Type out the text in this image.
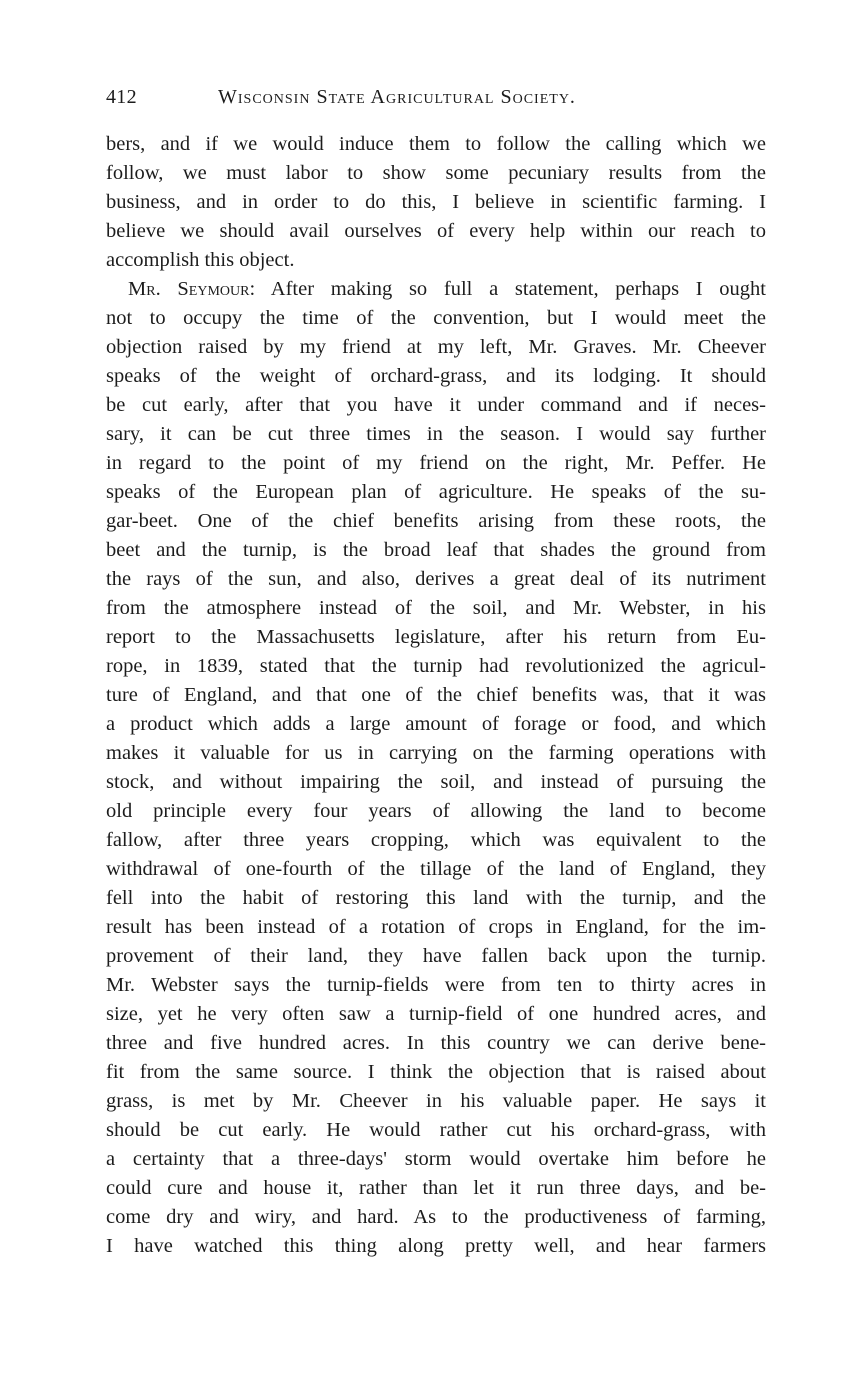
412	Wisconsin State Agricultural Society.
bers, and if we would induce them to follow the calling which we
follow, we must labor to show some pecuniary results from the
business, and in order to do this, I believe in scientific farming. I
believe we should avail ourselves of every help within our reach to
accomplish this object.
Mr. Seymour: After making so full a statement, perhaps I ought
not to occupy the time of the convention, but I would meet the
objection raised by my friend at my left, Mr. Graves. Mr. Cheever
speaks of the weight of orchard-grass, and its lodging. It should
be cut early, after that you have it under command and if neces-
sary, it can be cut three times in the season. I would say further
in regard to the point of my friend on the right, Mr. Peffer. He
speaks of the European plan of agriculture. He speaks of the su-
gar-beet. One of the chief benefits arising from these roots, the
beet and the turnip, is the broad leaf that shades the ground from
the rays of the sun, and also, derives a great deal of its nutriment
from the atmosphere instead of the soil, and Mr. Webster, in his
report to the Massachusetts legislature, after his return from Eu-
rope, in 1839, stated that the turnip had revolutionized the agricul-
ture of England, and that one of the chief benefits was, that it was
a product which adds a large amount of forage or food, and which
makes it valuable for us in carrying on the farming operations with
stock, and without impairing the soil, and instead of pursuing the
old principle every four years of allowing the land to become
fallow, after three years cropping, which was equivalent to the
withdrawal of one-fourth of the tillage of the land of England, they
fell into the habit of restoring this land with the turnip, and the
result has been instead of a rotation of crops in England, for the im-
provement of their land, they have fallen back upon the turnip.
Mr. Webster says the turnip-fields were from ten to thirty acres in
size, yet he very often saw a turnip-field of one hundred acres, and
three and five hundred acres. In this country we can derive bene-
fit from the same source. I think the objection that is raised about
grass, is met by Mr. Cheever in his valuable paper. He says it
should be cut early. He would rather cut his orchard-grass, with
a certainty that a three-days' storm would overtake him before he
could cure and house it, rather than let it run three days, and be-
come dry and wiry, and hard. As to the productiveness of farming,
I have watched this thing along pretty well, and hear farmers
